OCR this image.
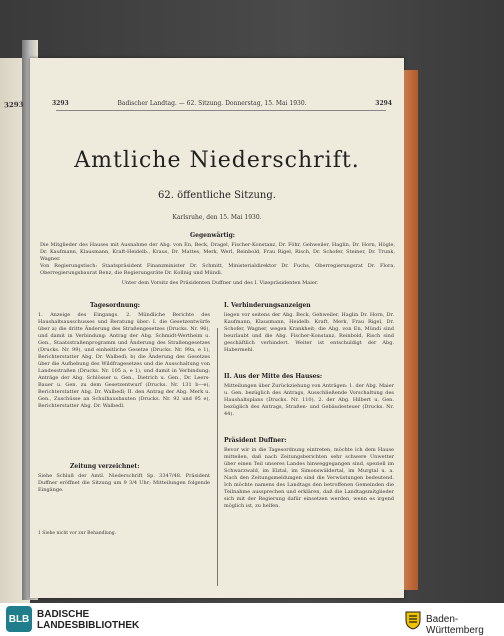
3293	3293	Badischer Landtag. — 62. Sitzung. Donnerstag, 15. Mai 1930.	3294
Amtliche Niederschrift.
62. öffentliche Sitzung.
Karlsruhe, den 15. Mai 1930.
Gegenwärtig:
Die Mitglieder des Hauses mit Ausnahme der Abg. von En, Beck, Dragel, Fischer-Konstanz, Dr. Föhr, Gehweiler, Haglin, Dr. Horn, Högle, Dr. Kaufmann, Klausmann, Kraft-Heidelb., Kraus, Dr. Mattes, Merk, Werl, Reinbold, Frau Rigel, Risch, Dr. Schofer, Steiner, Dr. Trunk, Wagner.
Von Regierungstisch: Staatspräsident Finanzminister Dr. Schmitt, Ministerialdirektor Dr. Fuchs, Oberregierungsrat Dr. Flora, Oberregierungsbaurat Benz, die Regierungsräte Dr. Kollnig und Mündi.
Unter dem Vorsitz des Präsidenten Duffner und des I. Vizepräsidenten Maier.
Tagesordnung:
1. Anzeige des Eingangs. 2. Mündliche Berichte des Haushaltsausschusses und Beratung über: I. die Gesetzentwürfe über a) die dritte Änderung des Straßengesetzes (Drucks. Nr. 96), und damit in Verbindung: Antrag der Abg. Schmidt-Wertheim u. Gen., Staatsstraßenprogramm und Änderung des Straßengesetzes (Drucks. Nr. 99), und einheitliche Gesetze (Drucks. Nr. 99a, e 1), Berichterstatter Abg. Dr. Walbedl; b) die Änderung des Gesetzes über die Aufhebung des Wildfragesetzes und die Ausschaltung von Landesstraßen (Drucks. Nr. 105 a, e 1), und damit in Verbindung: Anträge der Abg. Schlösser u. Gen., Dietrich u. Gen., Dr. Leers-Bauer u. Gen. zu dem Gesetzentwurf (Drucks. Nr. 131 b—e), Berichterstatter Abg. Dr. Walbedl; II. den Antrag der Abg. Merk u. Gen., Zuschüsse an Schulhausbauten (Drucks. Nr. 92 und 95 e), Berichterstatter Abg. Dr. Walbedl.
Zeitung verzeichnet:
Siehe Schluß der Amtl. Niederschrift Sp. 3347/48. Präsident Duffner eröffnet die Sitzung um 9 3/4 Uhr; Mitteilungen folgende Eingänge.
1 Siehe nicht vor zur Behandlung.
I. Verhinderungsanzeigen
liegen vor seitens der Abg. Beck, Gehweiler, Haglin Dr. Horn, Dr. Kaufmann, Klausmann, Heidelb. Kraft, Merk, Frau Rigel, Dr. Schofer, Wagner, wegen Krankheit; die Abg. von En, Mündi sind beurlaubt und die Abg. Fischer-Konstanz, Reinbold, Risch sind geschäftlich verhindert. Weiter ist entschuldigt der Abg. Habermehl.
II. Aus der Mitte des Hauses:
Mitteilungen über Zurückziehung von Anträgen: 1. der Abg. Maier u. Gen. bezüglich des Antrags, Ausschließende Vorschaltung des Haushaltsplans (Drucks. Nr. 110), 2. der Abg. Hilbert u. Gen. bezüglich des Antrags, Straßen- und Gebäudesteuer (Drucks. Nr. 44).
Präsident Duffner:
Bevor wir in die Tagesordnung eintreten, möchte ich dem Hause mitteilen, daß nach Zeitungsberichten sehr schwere Unwetter über einen Teil unseres Landes hinweggegangen sind, speziell im Schwarzwald, im Elztal, im Simonswäldertal, im Murgtal u. a. Nach den Zeitungsmeldungen sind die Verwüstungen bedeutend. Ich möchte namens des Landtags den betroffenen Gemeinden die Teilnahme aussprechen und erklären, daß die Landtagsmitglieder sich mit der Regierung dafür einsetzen werden, wenn es irgend möglich ist, zu helfen.
BLB BADISCHE
LANDESBIBLIOTHEK
Baden-Württemberg
